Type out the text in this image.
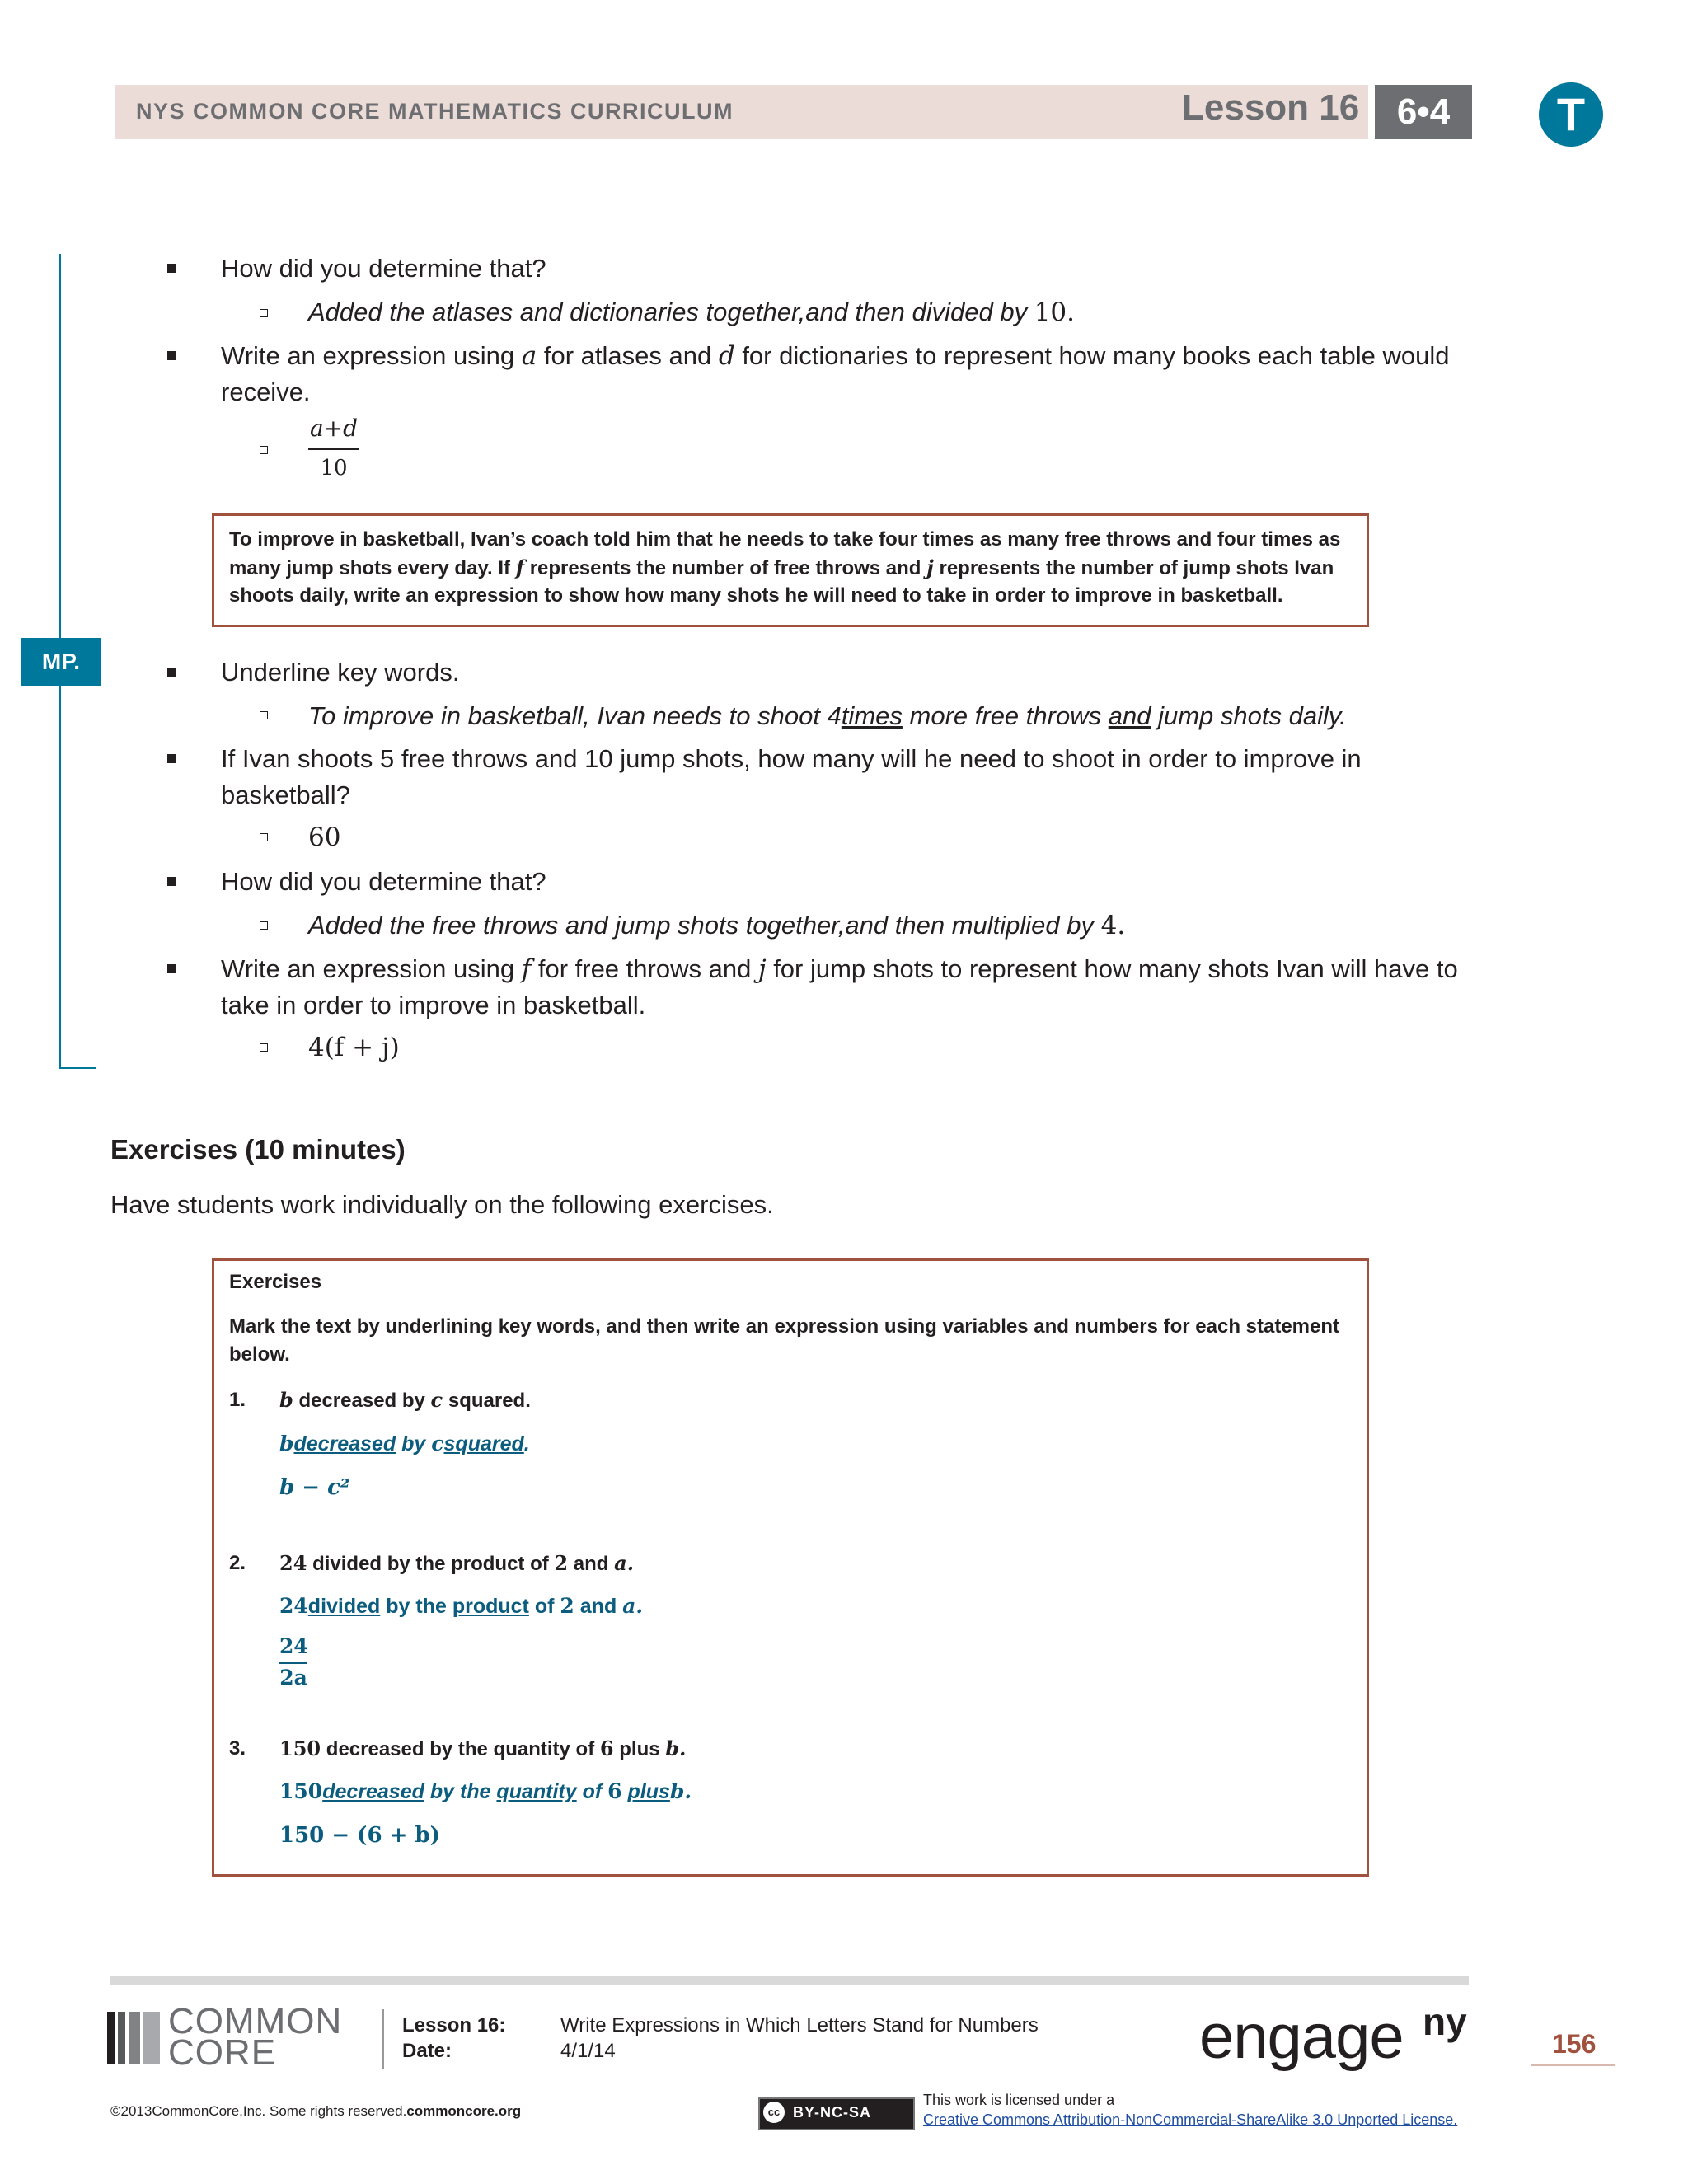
NYS COMMON CORE MATHEMATICS CURRICULUM	Lesson 16	6•4	T
MP.
How did you determine that?
Added the atlases and dictionaries together,and then divided by 10.
Write an expression using a for atlases and d for dictionaries to represent how many books each table would
receive.
a+d
10
To improve in basketball, Ivan’s coach told him that he needs to take four times as many free throws and four times as
many jump shots every day. If f represents the number of free throws and j represents the number of jump shots Ivan
shoots daily, write an expression to show how many shots he will need to take in order to improve in basketball.
Underline key words.
To improve in basketball, Ivan needs to shoot 4times more free throws and jump shots daily.
If Ivan shoots 5 free throws and 10 jump shots, how many will he need to shoot in order to improve in
basketball?
60
How did you determine that?
Added the free throws and jump shots together,and then multiplied by 4.
Write an expression using f for free throws and j for jump shots to represent how many shots Ivan will have to
take in order to improve in basketball.
4(f + j)
Exercises (10 minutes)
Have students work individually on the following exercises.
Exercises
Mark the text by underlining key words, and then write an expression using variables and numbers for each statement
below.
1. b decreased by c squared.
bdecreased by csquared.
b − c²
2. 24 divided by the product of 2 and a.
24divided by the product of 2 and a.
24
2a
3. 150 decreased by the quantity of 6 plus b.
150decreased by the quantity of 6 plusb.
150 − (6 + b)
COMMON
CORE
Lesson 16:	Write Expressions in Which Letters Stand for Numbers
Date:	4/1/14	engage ny
156
©2013CommonCore,Inc. Some rights reserved.commoncore.org	cc BY-NC-SA
This work is licensed under a
Creative Commons Attribution-NonCommercial-ShareAlike 3.0 Unported License.
